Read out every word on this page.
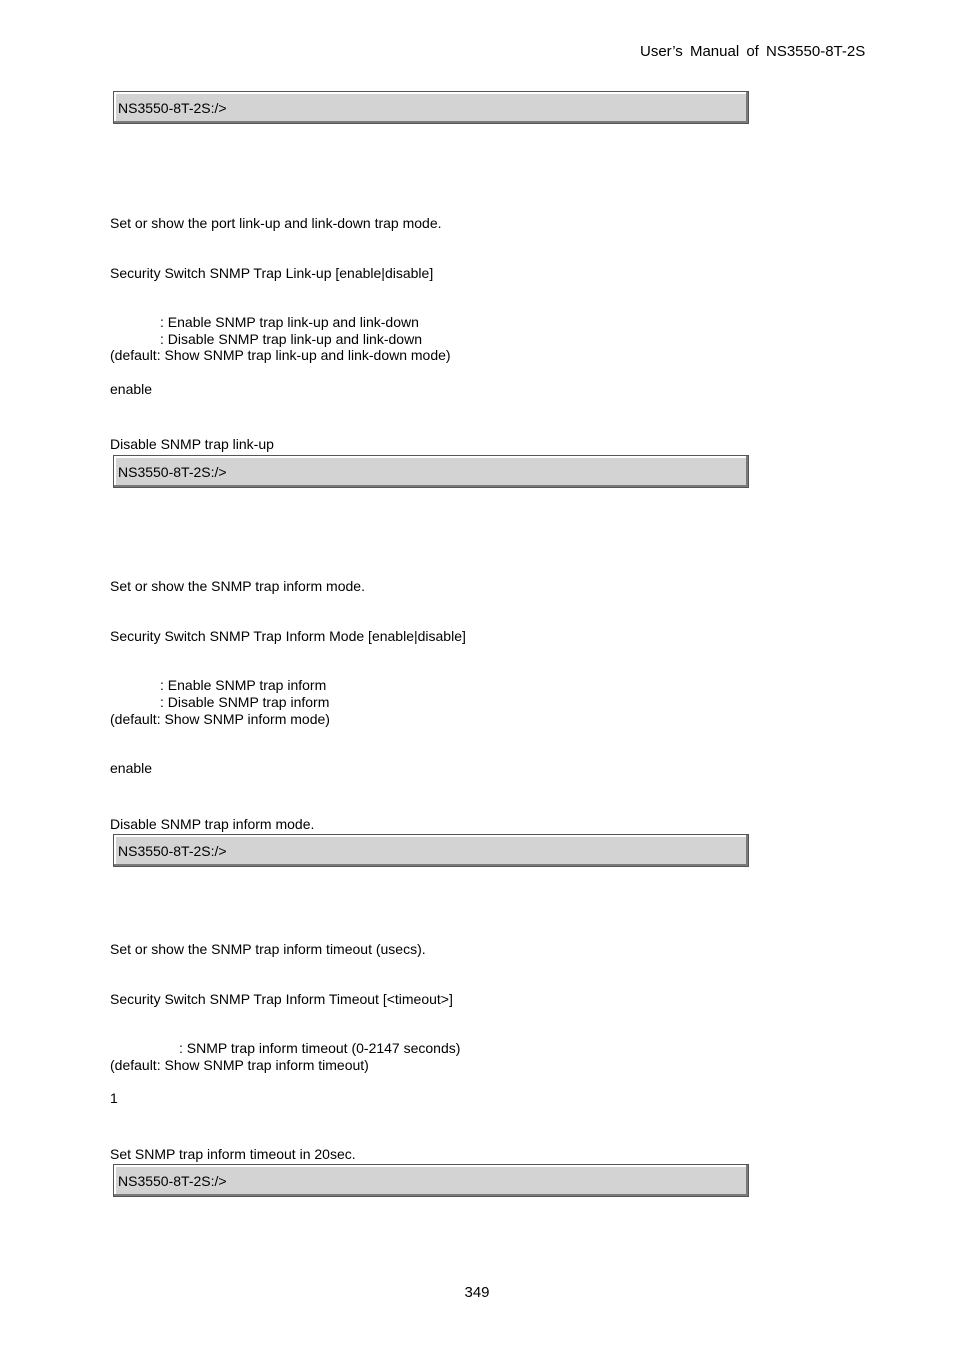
User’s Manual of NS3550-8T-2S
NS3550-8T-2S:/>
Set or show the port link-up and link-down trap mode.
Security Switch SNMP Trap Link-up [enable|disable]
: Enable SNMP trap link-up and link-down
: Disable SNMP trap link-up and link-down
(default: Show SNMP trap link-up and link-down mode)
enable
Disable SNMP trap link-up
NS3550-8T-2S:/>
Set or show the SNMP trap inform mode.
Security Switch SNMP Trap Inform Mode [enable|disable]
: Enable SNMP trap inform
: Disable SNMP trap inform
(default: Show SNMP inform mode)
enable
Disable SNMP trap inform mode.
NS3550-8T-2S:/>
Set or show the SNMP trap inform timeout (usecs).
Security Switch SNMP Trap Inform Timeout [<timeout>]
: SNMP trap inform timeout (0-2147 seconds)
(default: Show SNMP trap inform timeout)
1
Set SNMP trap inform timeout in 20sec.
NS3550-8T-2S:/>
349
